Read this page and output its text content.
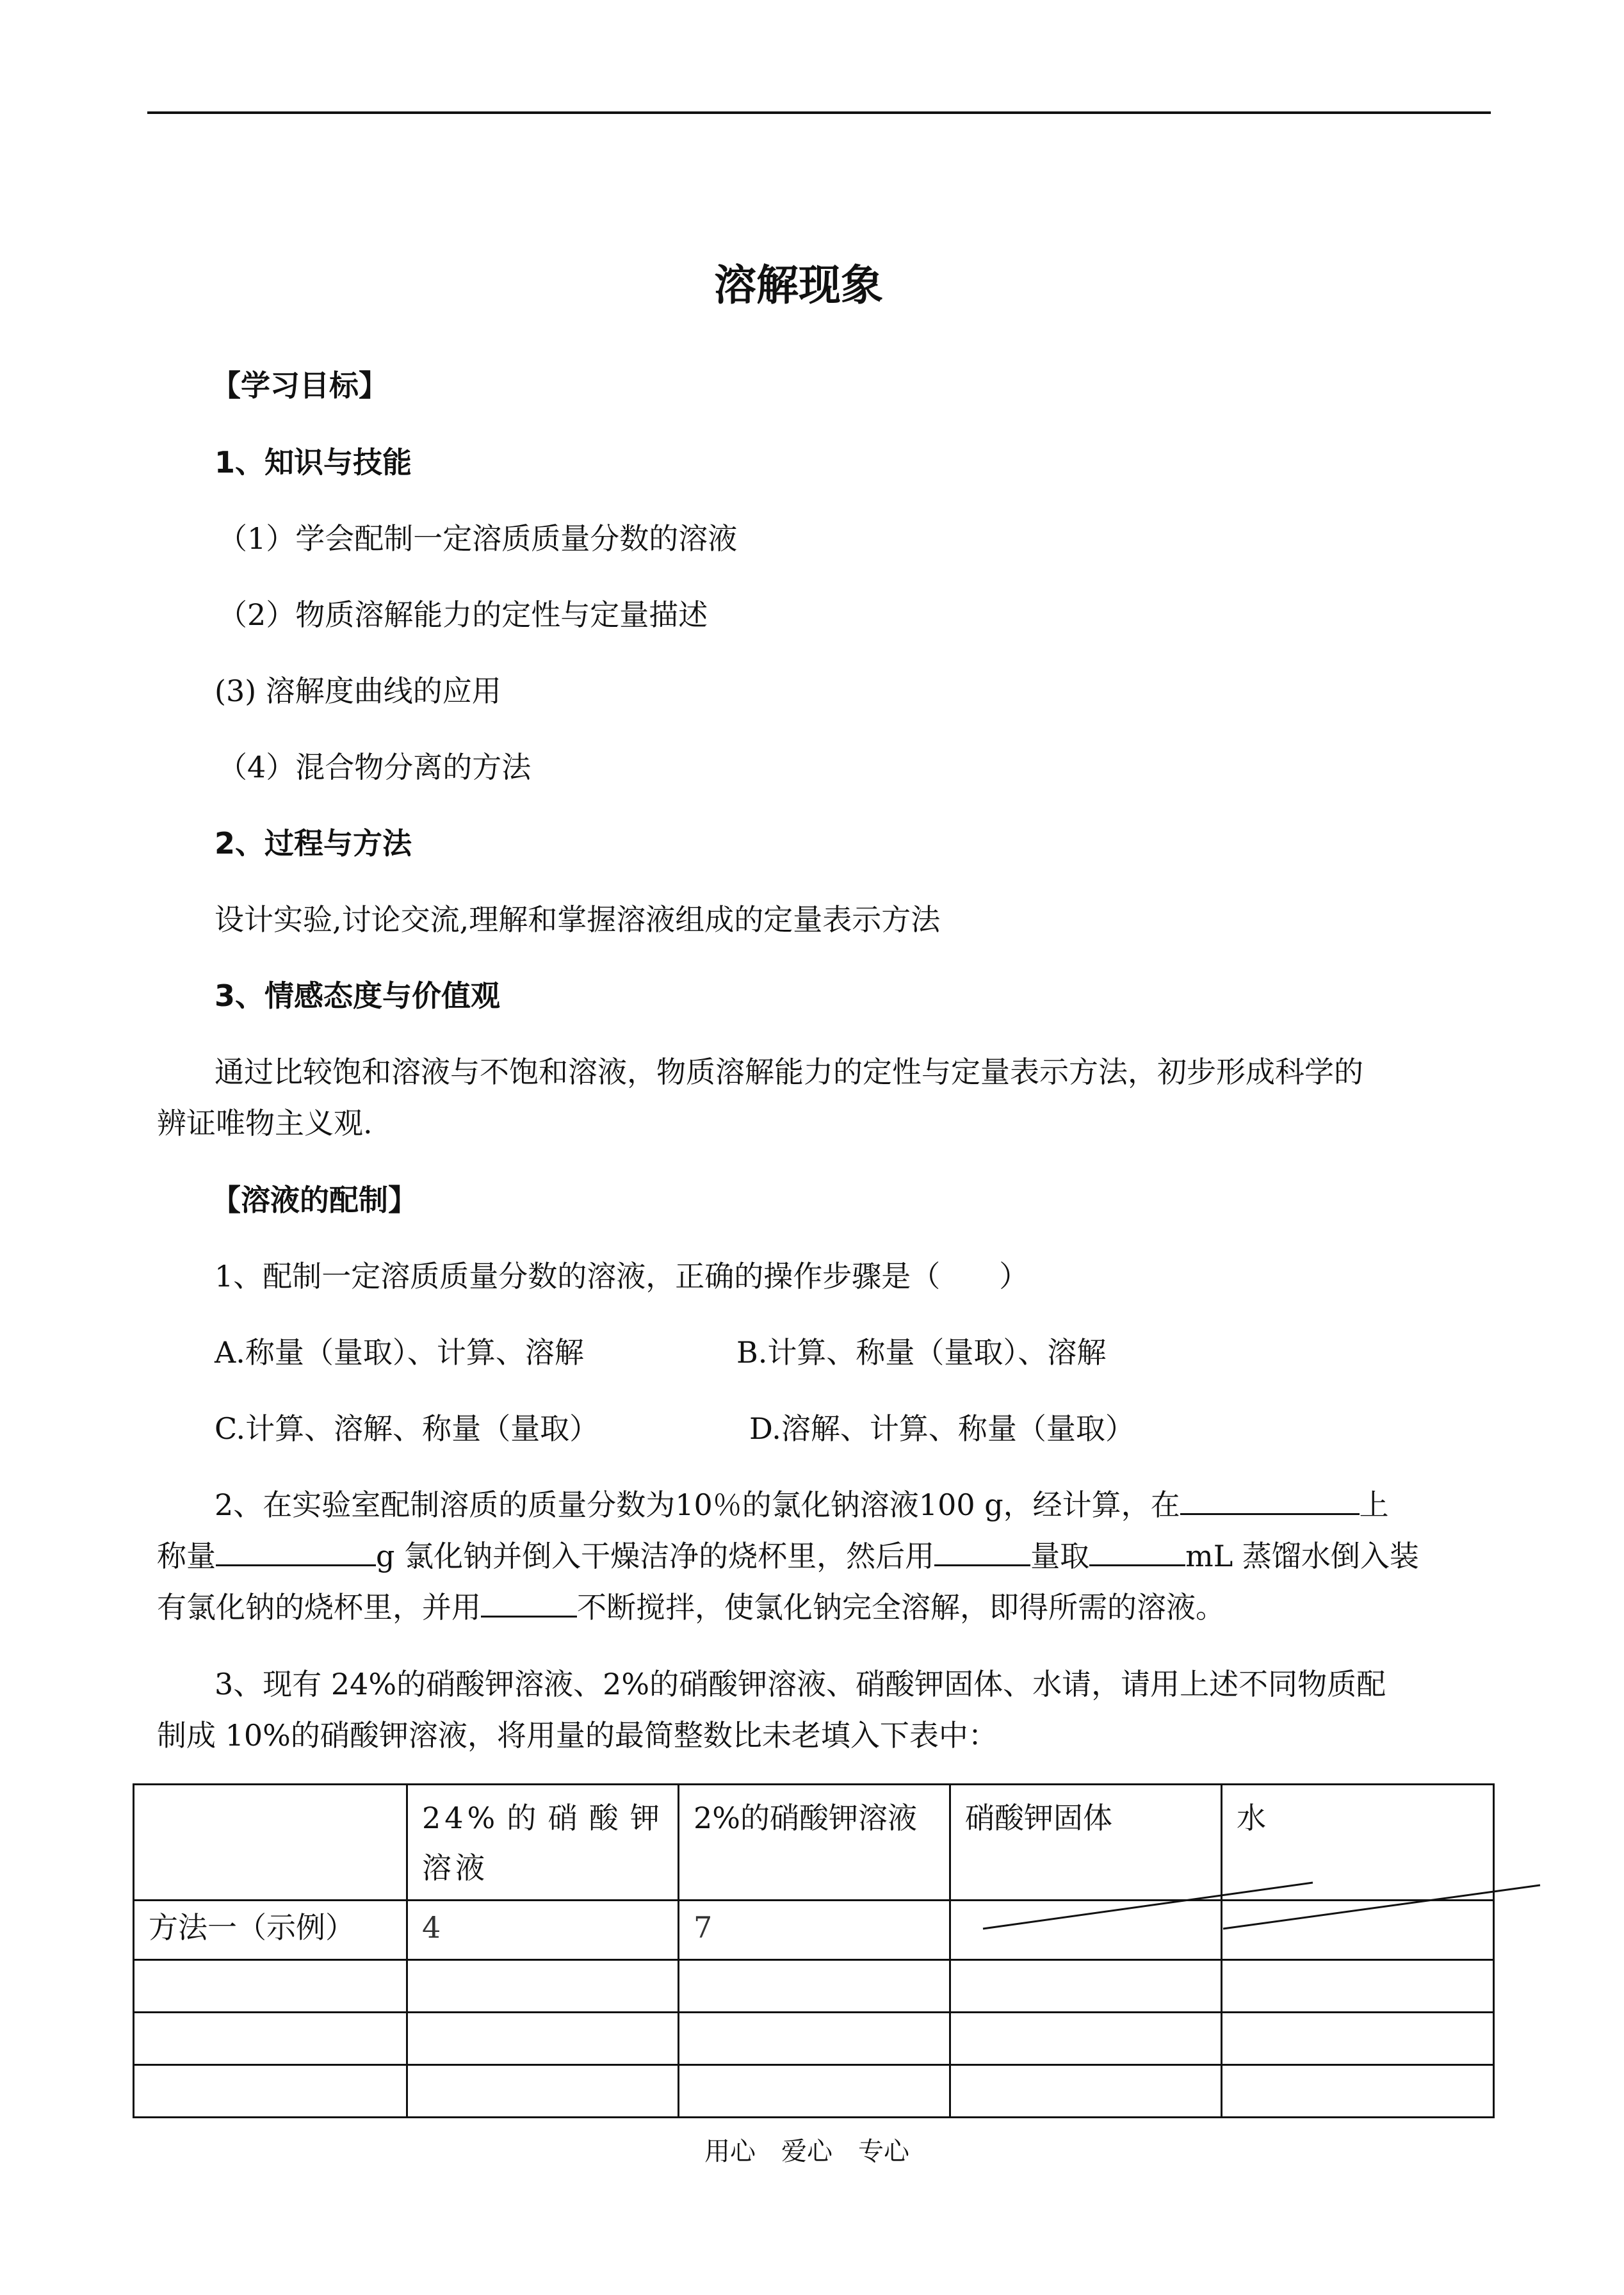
溶解现象
【学习目标】
1、知识与技能
（1）学会配制一定溶质质量分数的溶液
（2）物质溶解能力的定性与定量描述
(3) 溶解度曲线的应用
（4）混合物分离的方法
2、过程与方法
设计实验,讨论交流,理解和掌握溶液组成的定量表示方法
3、情感态度与价值观
通过比较饱和溶液与不饱和溶液，物质溶解能力的定性与定量表示方法，初步形成科学的
辨证唯物主义观.
【溶液的配制】
1、配制一定溶质质量分数的溶液，正确的操作步骤是（　　）
A.称量（量取）、计算、溶解	B.计算、称量（量取）、溶解
C.计算、溶解、称量（量取）	D.溶解、计算、称量（量取）
2、在实验室配制溶质的质量分数为10％的氯化钠溶液100 g，经计算，在	上
称量	g 氯化钠并倒入干燥洁净的烧杯里，然后用	量取	mL 蒸馏水倒入装
有氯化钠的烧杯里，并用	不断搅拌，使氯化钠完全溶解，即得所需的溶液。
3、现有 24%的硝酸钾溶液、2%的硝酸钾溶液、硝酸钾固体、水请，请用上述不同物质配
制成 10%的硝酸钾溶液，将用量的最简整数比未老填入下表中：
	24%的硝酸钾溶液	2%的硝酸钾溶液	硝酸钾固体	水
方法一（示例）	4	7		

用心　爱心　专心
